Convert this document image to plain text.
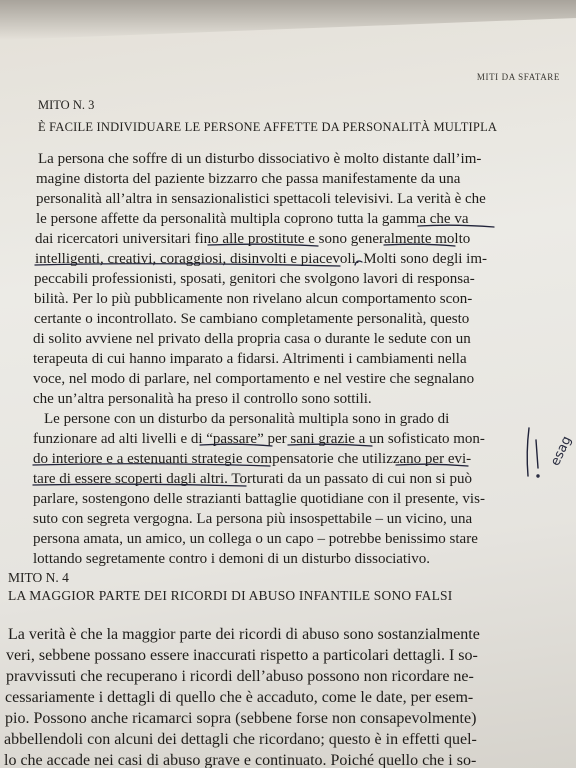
MITI DA SFATARE
MITO N. 3
È FACILE INDIVIDUARE LE PERSONE AFFETTE DA PERSONALITÀ MULTIPLA
La persona che soffre di un disturbo dissociativo è molto distante dall’im-
magine distorta del paziente bizzarro che passa manifestamente da una
personalità all’altra in sensazionalistici spettacoli televisivi. La verità è che
le persone affette da personalità multipla coprono tutta la gamma che va
dai ricercatori universitari fino alle prostitute e sono generalmente molto
intelligenti, creativi, coraggiosi, disinvolti e piacevoli. Molti sono degli im-
peccabili professionisti, sposati, genitori che svolgono lavori di responsa-
bilità. Per lo più pubblicamente non rivelano alcun comportamento scon-
certante o incontrollato. Se cambiano completamente personalità, questo
di solito avviene nel privato della propria casa o durante le sedute con un
terapeuta di cui hanno imparato a fidarsi. Altrimenti i cambiamenti nella
voce, nel modo di parlare, nel comportamento e nel vestire che segnalano
che un’altra personalità ha preso il controllo sono sottili.
Le persone con un disturbo da personalità multipla sono in grado di
funzionare ad alti livelli e di “passare” per sani grazie a un sofisticato mon-
do interiore e a estenuanti strategie compensatorie che utilizzano per evi-
tare di essere scoperti dagli altri. Torturati da un passato di cui non si può
parlare, sostengono delle strazianti battaglie quotidiane con il presente, vis-
suto con segreta vergogna. La persona più insospettabile – un vicino, una
persona amata, un amico, un collega o un capo – potrebbe benissimo stare
lottando segretamente contro i demoni di un disturbo dissociativo.
MITO N. 4
LA MAGGIOR PARTE DEI RICORDI DI ABUSO INFANTILE SONO FALSI
La verità è che la maggior parte dei ricordi di abuso sono sostanzialmente
veri, sebbene possano essere inaccurati rispetto a particolari dettagli. I so-
pravvissuti che recuperano i ricordi dell’abuso possono non ricordare ne-
cessariamente i dettagli di quello che è accaduto, come le date, per esem-
pio. Possono anche ricamarci sopra (sebbene forse non consapevolmente)
abbellendoli con alcuni dei dettagli che ricordano; questo è in effetti quel-
lo che accade nei casi di abuso grave e continuato. Poiché quello che i so-
esag
